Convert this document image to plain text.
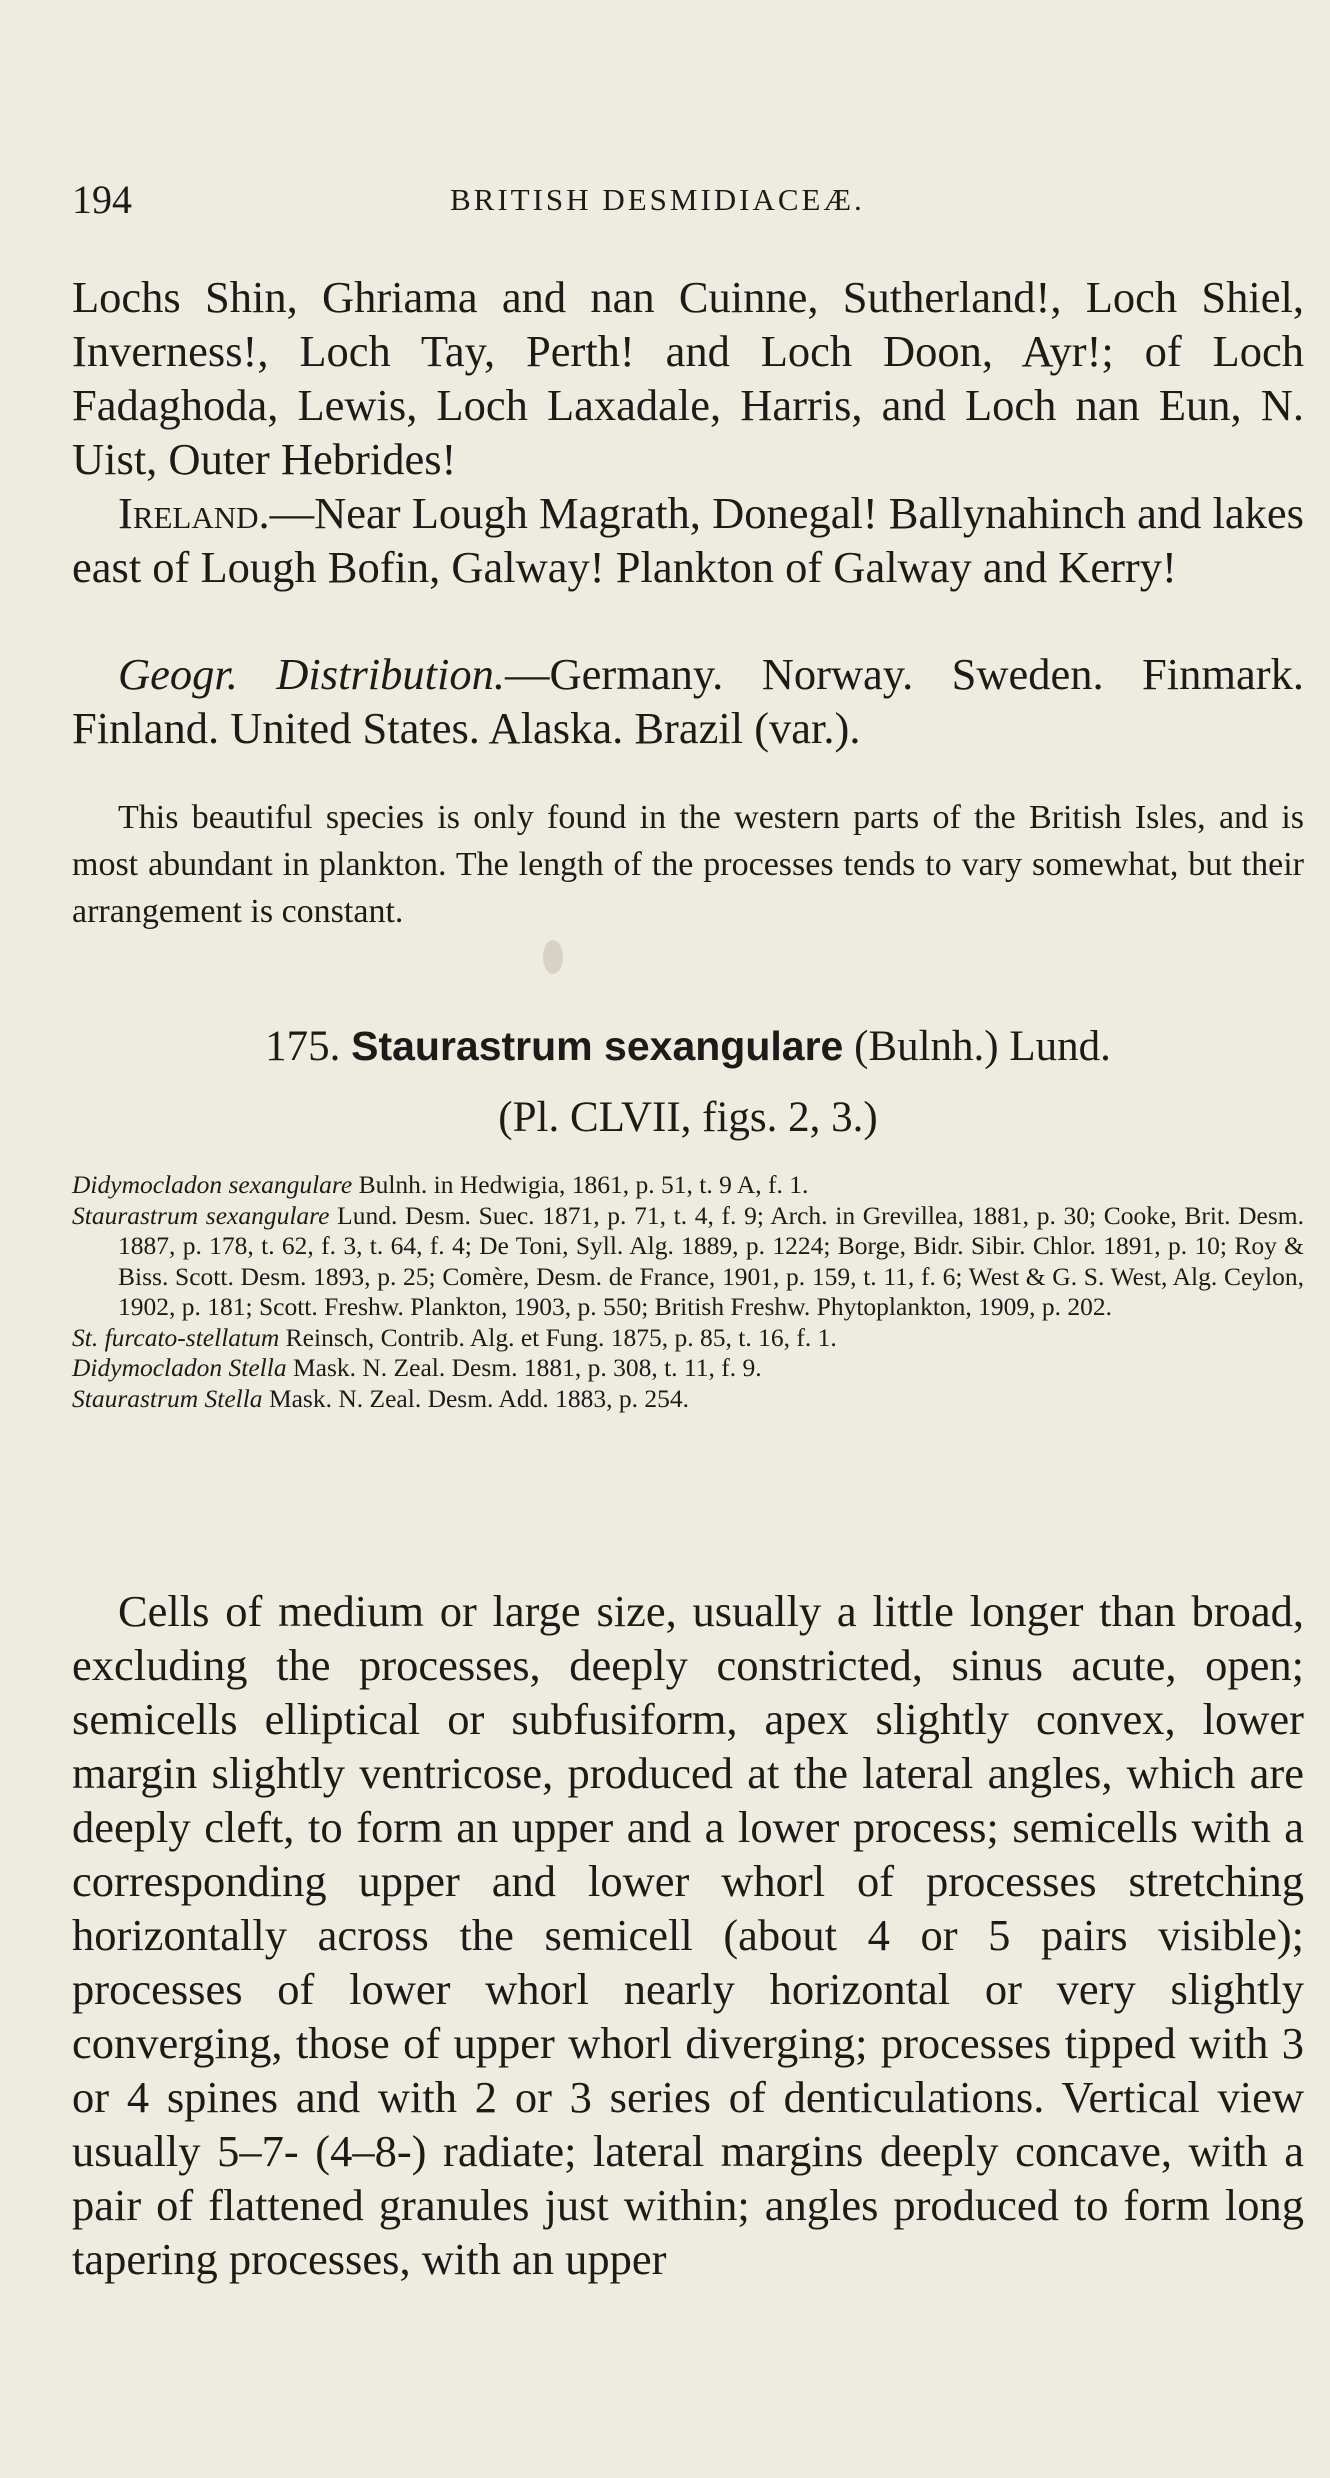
194	BRITISH DESMIDIACEÆ.

Lochs Shin, Ghriama and nan Cuinne, Sutherland!, Loch Shiel, Inverness!, Loch Tay, Perth! and Loch Doon, Ayr!; of Loch Fadaghoda, Lewis, Loch Laxadale, Harris, and Loch nan Eun, N. Uist, Outer Hebrides!

Ireland.—Near Lough Magrath, Donegal! Ballynahinch and lakes east of Lough Bofin, Galway! Plankton of Galway and Kerry!

Geogr. Distribution.—Germany. Norway. Sweden. Finmark. Finland. United States. Alaska. Brazil (var.).

This beautiful species is only found in the western parts of the British Isles, and is most abundant in plankton. The length of the processes tends to vary somewhat, but their arrangement is constant.

175. Staurastrum sexangulare (Bulnh.) Lund.
(Pl. CLVII, figs. 2, 3.)
Didymocladon sexangulare Bulnh. in Hedwigia, 1861, p. 51, t. 9 A, f. 1.
Staurastrum sexangulare Lund. Desm. Suec. 1871, p. 71, t. 4, f. 9; Arch. in Grevillea, 1881, p. 30; Cooke, Brit. Desm. 1887, p. 178, t. 62, f. 3, t. 64, f. 4; De Toni, Syll. Alg. 1889, p. 1224; Borge, Bidr. Sibir. Chlor. 1891, p. 10; Roy & Biss. Scott. Desm. 1893, p. 25; Comère, Desm. de France, 1901, p. 159, t. 11, f. 6; West & G. S. West, Alg. Ceylon, 1902, p. 181; Scott. Freshw. Plankton, 1903, p. 550; British Freshw. Phytoplankton, 1909, p. 202.
St. furcato-stellatum Reinsch, Contrib. Alg. et Fung. 1875, p. 85, t. 16, f. 1.
Didymocladon Stella Mask. N. Zeal. Desm. 1881, p. 308, t. 11, f. 9.
Staurastrum Stella Mask. N. Zeal. Desm. Add. 1883, p. 254.

Cells of medium or large size, usually a little longer than broad, excluding the processes, deeply constricted, sinus acute, open; semicells elliptical or subfusiform, apex slightly convex, lower margin slightly ventricose, produced at the lateral angles, which are deeply cleft, to form an upper and a lower process; semicells with a corresponding upper and lower whorl of processes stretching horizontally across the semicell (about 4 or 5 pairs visible); processes of lower whorl nearly horizontal or very slightly converging, those of upper whorl diverging; processes tipped with 3 or 4 spines and with 2 or 3 series of denticulations. Vertical view usually 5–7- (4–8-) radiate; lateral margins deeply concave, with a pair of flattened granules just within; angles produced to form long tapering processes, with an upper
